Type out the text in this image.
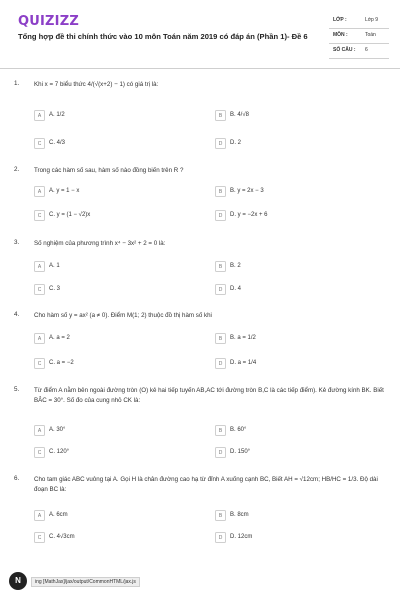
QUIZIZZ
Tổng hợp đề thi chính thức vào 10 môn Toán năm 2019 có đáp án (Phần 1)- Đề 6
LỚP :	Lớp 9
MÔN :	Toán
SỐ CÂU : 6
1. Khi x = 7 biểu thức 4/(√(x+2) − 1) có giá trị là:
A	A. 1/2	B	B. 4/√8
C	C. 4/3	D	D. 2
2. Trong các hàm số sau, hàm số nào đồng biến trên R ?
A	A. y = 1 − x	B	B. y = 2x − 3
C	C. y = (1 − √2)x	D	D. y = −2x + 6
3. Số nghiệm của phương trình x⁴ − 3x² + 2 = 0 là:
A	A. 1	B	B. 2
C	C. 3	D	D. 4
4. Cho hàm số y = ax² (a ≠ 0). Điểm M(1; 2) thuộc đồ thị hàm số khi
A	A. a = 2	B	B. a = 1/2
C	C. a = −2	D	D. a = 1/4
5. Từ điểm A nằm bên ngoài đường tròn (O) kẻ hai tiếp tuyến AB,AC tới đường tròn B,C là các tiếp điểm). Kẻ đường kính BK. Biết BÂC = 30°. Số đo của cung nhỏ CK là:
A	A. 30°	B	B. 60°
C	C. 120°	D	D. 150°
6. Cho tam giác ABC vuông tại A. Gọi H là chân đường cao hạ từ đỉnh A xuống cạnh BC, Biết AH = √12cm; HB/HC = 1/3. Độ dài đoạn BC là:
A	A. 6cm	B	B. 8cm
C	C. 4√3cm	D	D. 12cm
N	ing [MathJax]/jax/output/CommonHTML/jax.js
